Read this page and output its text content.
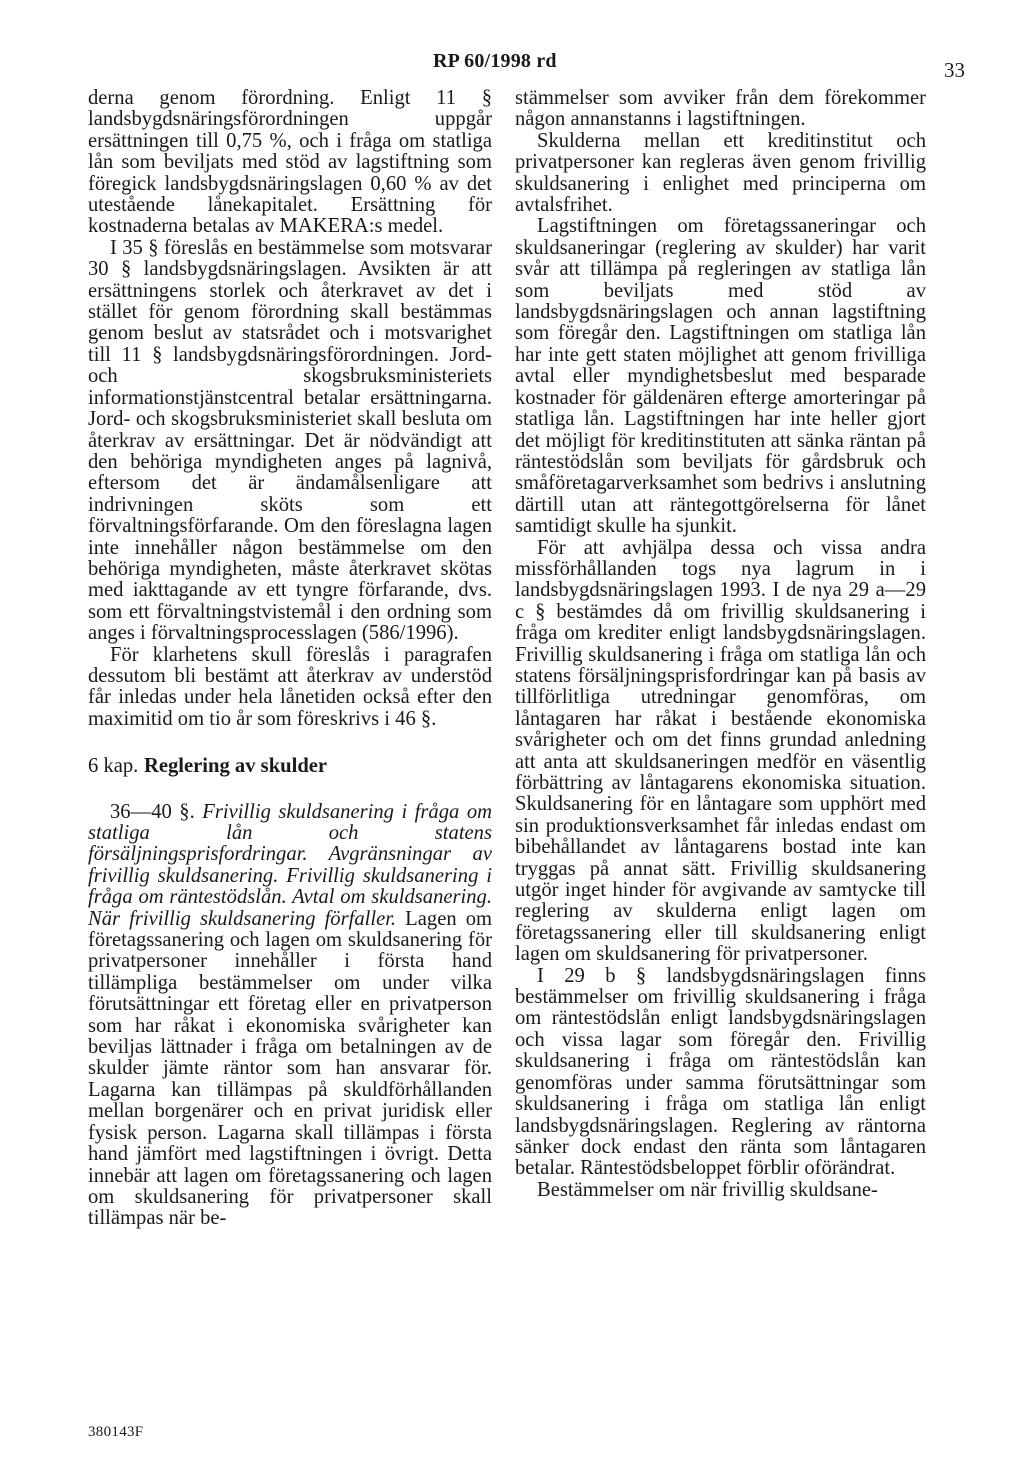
RP 60/1998 rd	33

derna genom förordning. Enligt 11 § landsbygdsnäringsförordningen uppgår ersättningen till 0,75 %, och i fråga om statliga lån som beviljats med stöd av lagstiftning som föregick landsbygdsnäringslagen 0,60 % av det utestående lånekapitalet. Ersättning för kostnaderna betalas av MAKERA:s medel.

I 35 § föreslås en bestämmelse som motsvarar 30 § landsbygdsnäringslagen. Avsikten är att ersättningens storlek och återkravet av det i stället för genom förordning skall bestämmas genom beslut av statsrådet och i motsvarighet till 11 § landsbygdsnäringsförordningen. Jord- och skogsbruksministeriets informationstjänstcentral betalar ersättningarna. Jord- och skogsbruksministeriet skall besluta om återkrav av ersättningar. Det är nödvändigt att den behöriga myndigheten anges på lagnivå, eftersom det är ändamålsenligare att indrivningen sköts som ett förvaltningsförfarande. Om den föreslagna lagen inte innehåller någon bestämmelse om den behöriga myndigheten, måste återkravet skötas med iakttagande av ett tyngre förfarande, dvs. som ett förvaltningstvistemål i den ordning som anges i förvaltningsprocesslagen (586/1996).

För klarhetens skull föreslås i paragrafen dessutom bli bestämt att återkrav av understöd får inledas under hela lånetiden också efter den maximitid om tio år som föreskrivs i 46 §.

6 kap. Reglering av skulder

36—40 §. Frivillig skuldsanering i fråga om statliga lån och statens försäljningsprisfordringar. Avgränsningar av frivillig skuldsanering. Frivillig skuldsanering i fråga om räntestödslån. Avtal om skuldsanering. När frivillig skuldsanering förfaller. Lagen om företagssanering och lagen om skuldsanering för privatpersoner innehåller i första hand tillämpliga bestämmelser om under vilka förutsättningar ett företag eller en privatperson som har råkat i ekonomiska svårigheter kan beviljas lättnader i fråga om betalningen av de skulder jämte räntor som han ansvarar för. Lagarna kan tillämpas på skuldförhållanden mellan borgenärer och en privat juridisk eller fysisk person. Lagarna skall tillämpas i första hand jämfört med lagstiftningen i övrigt. Detta innebär att lagen om företagssanering och lagen om skuldsanering för privatpersoner skall tillämpas när be-

stämmelser som avviker från dem förekommer någon annanstanns i lagstiftningen.

Skulderna mellan ett kreditinstitut och privatpersoner kan regleras även genom frivillig skuldsanering i enlighet med principerna om avtalsfrihet.

Lagstiftningen om företagssaneringar och skuldsaneringar (reglering av skulder) har varit svår att tillämpa på regleringen av statliga lån som beviljats med stöd av landsbygdsnäringslagen och annan lagstiftning som föregår den. Lagstiftningen om statliga lån har inte gett staten möjlighet att genom frivilliga avtal eller myndighetsbeslut med besparade kostnader för gäldenären efterge amorteringar på statliga lån. Lagstiftningen har inte heller gjort det möjligt för kreditinstituten att sänka räntan på räntestödslån som beviljats för gårdsbruk och småföretagarverksamhet som bedrivs i anslutning därtill utan att räntegottgörelserna för lånet samtidigt skulle ha sjunkit.

För att avhjälpa dessa och vissa andra missförhållanden togs nya lagrum in i landsbygdsnäringslagen 1993. I de nya 29 a—29 c § bestämdes då om frivillig skuldsanering i fråga om krediter enligt landsbygdsnäringslagen. Frivillig skuldsanering i fråga om statliga lån och statens försäljningsprisfordringar kan på basis av tillförlitliga utredningar genomföras, om låntagaren har råkat i bestående ekonomiska svårigheter och om det finns grundad anledning att anta att skuldsaneringen medför en väsentlig förbättring av låntagarens ekonomiska situation. Skuldsanering för en låntagare som upphört med sin produktionsverksamhet får inledas endast om bibehållandet av låntagarens bostad inte kan tryggas på annat sätt. Frivillig skuldsanering utgör inget hinder för avgivande av samtycke till reglering av skulderna enligt lagen om företagssanering eller till skuldsanering enligt lagen om skuldsanering för privatpersoner.

I 29 b § landsbygdsnäringslagen finns bestämmelser om frivillig skuldsanering i fråga om räntestödslån enligt landsbygdsnäringslagen och vissa lagar som föregår den. Frivillig skuldsanering i fråga om räntestödslån kan genomföras under samma förutsättningar som skuldsanering i fråga om statliga lån enligt landsbygdsnäringslagen. Reglering av räntorna sänker dock endast den ränta som låntagaren betalar. Räntestödsbeloppet förblir oförändrat.

Bestämmelser om när frivillig skuldsane-

380143F
